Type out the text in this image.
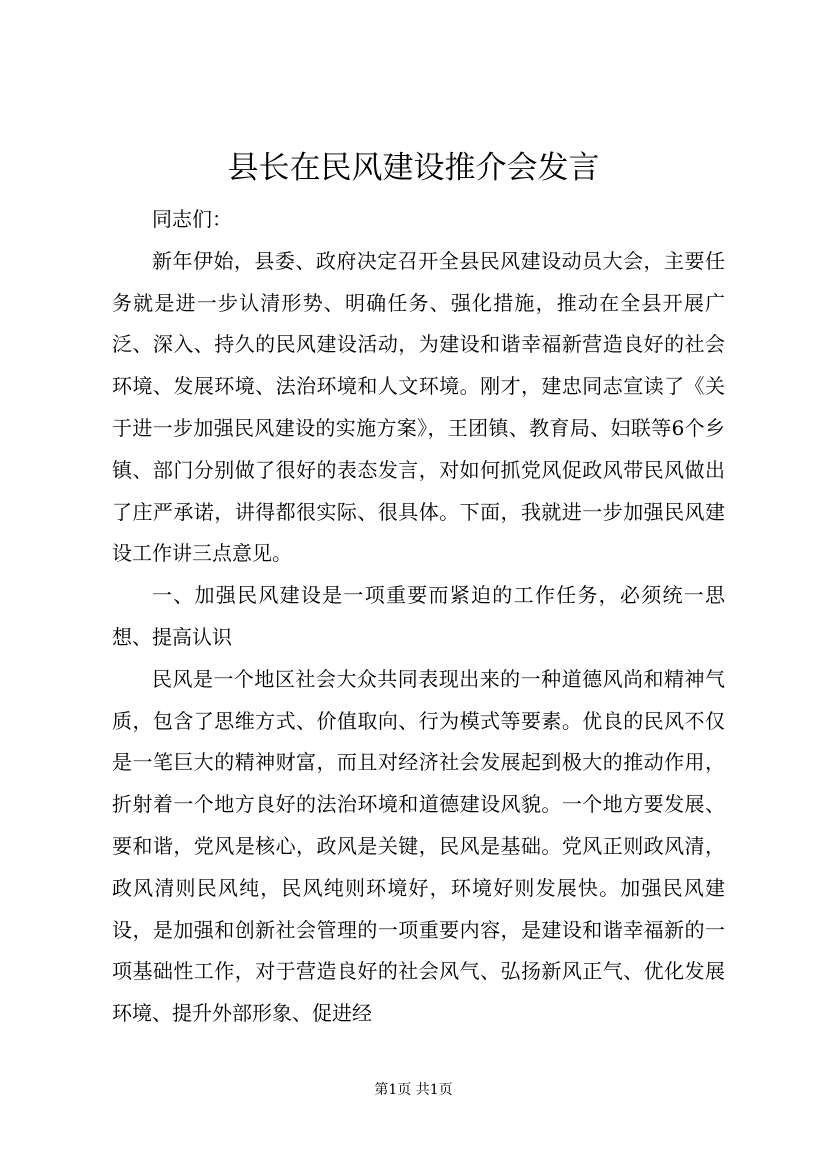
县长在民风建设推介会发言

同志们：

新年伊始，县委、政府决定召开全县民风建设动员大会，主要任务就是进一步认清形势、明确任务、强化措施，推动在全县开展广泛、深入、持久的民风建设活动，为建设和谐幸福新营造良好的社会环境、发展环境、法治环境和人文环境。刚才，建忠同志宣读了《关于进一步加强民风建设的实施方案》，王团镇、教育局、妇联等6个乡镇、部门分别做了很好的表态发言，对如何抓党风促政风带民风做出了庄严承诺，讲得都很实际、很具体。下面，我就进一步加强民风建设工作讲三点意见。

一、加强民风建设是一项重要而紧迫的工作任务，必须统一思想、提高认识

民风是一个地区社会大众共同表现出来的一种道德风尚和精神气质，包含了思维方式、价值取向、行为模式等要素。优良的民风不仅是一笔巨大的精神财富，而且对经济社会发展起到极大的推动作用，折射着一个地方良好的法治环境和道德建设风貌。一个地方要发展、要和谐，党风是核心，政风是关键，民风是基础。党风正则政风清，政风清则民风纯，民风纯则环境好，环境好则发展快。加强民风建设，是加强和创新社会管理的一项重要内容，是建设和谐幸福新的一项基础性工作，对于营造良好的社会风气、弘扬新风正气、优化发展环境、提升外部形象、促进经

第1页 共1页
